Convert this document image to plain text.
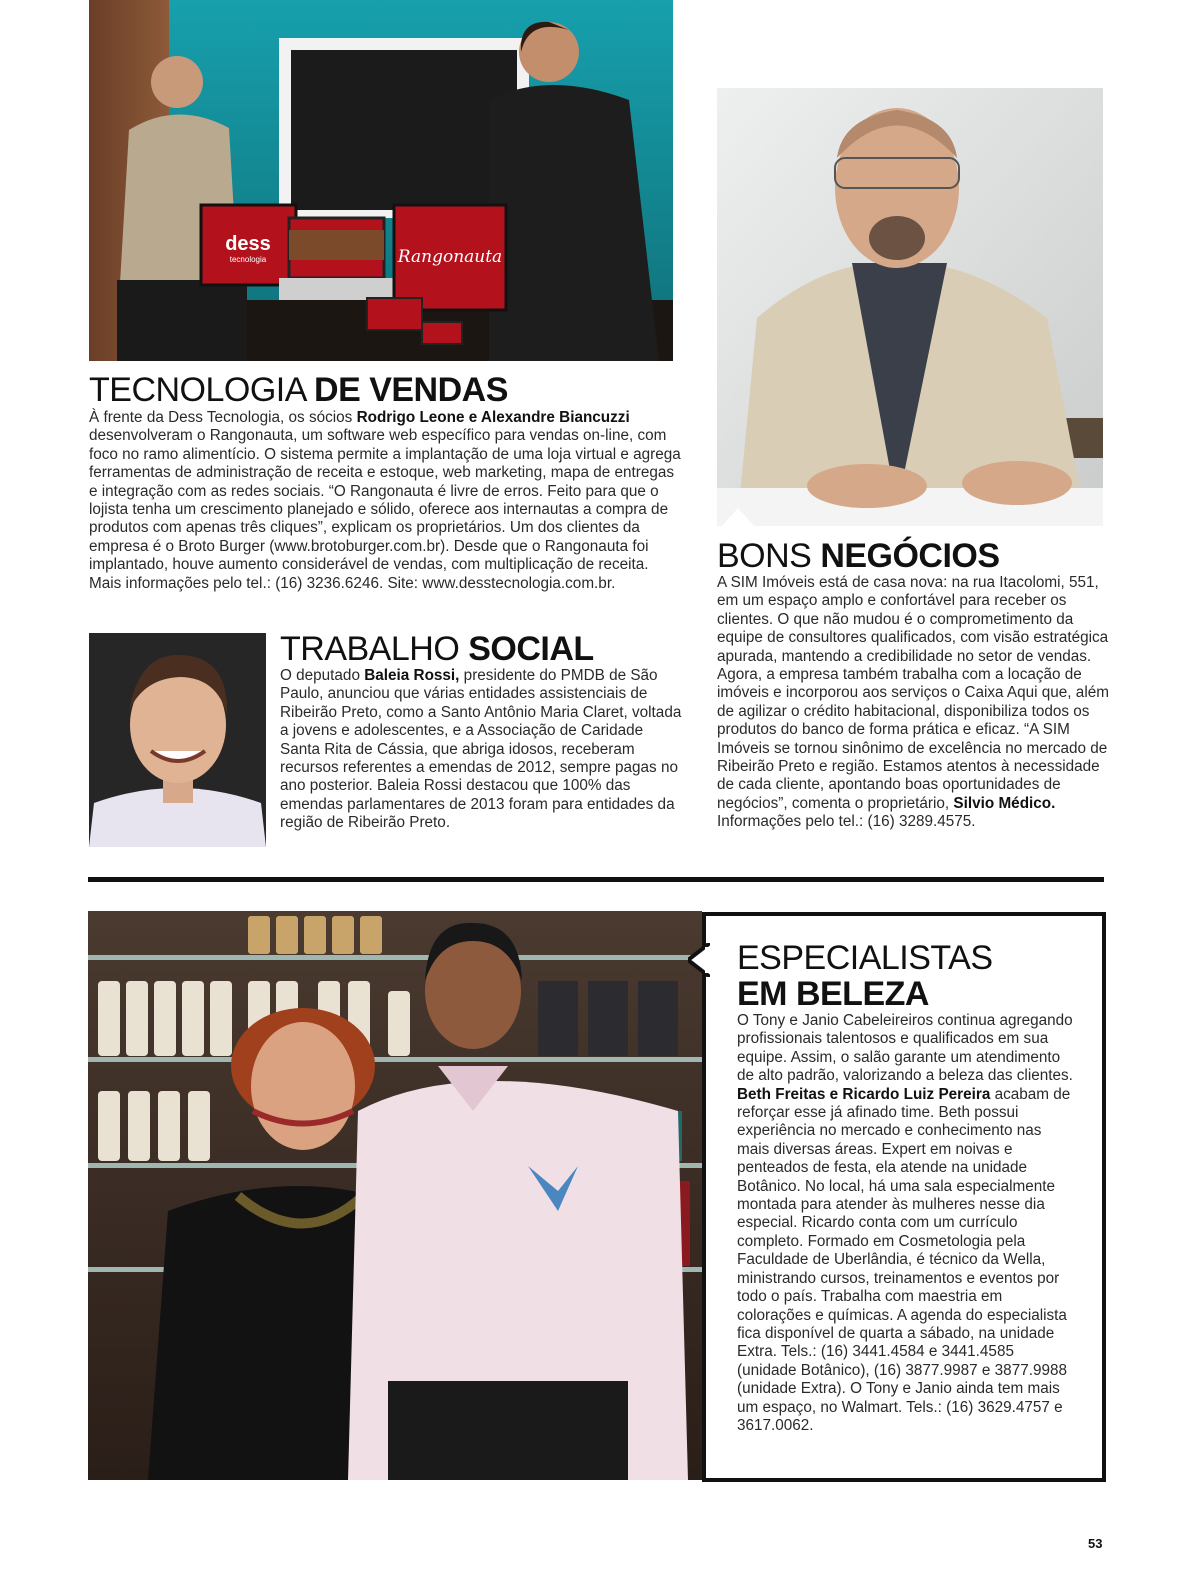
dess
tecnologia	Rangonauta
TECNOLOGIA DE VENDAS
À frente da Dess Tecnologia, os sócios Rodrigo Leone e Alexandre Biancuzzi desenvolveram o Rangonauta, um software web específico para vendas on-line, com foco no ramo alimentício. O sistema permite a implantação de uma loja virtual e agrega ferramentas de administração de receita e estoque, web marketing, mapa de entregas e integração com as redes sociais. “O Rangonauta é livre de erros. Feito para que o lojista tenha um crescimento planejado e sólido, oferece aos internautas a compra de produtos com apenas três cliques”, explicam os proprietários. Um dos clientes da empresa é o Broto Burger (www.brotoburger.com.br). Desde que o Rangonauta foi implantado, houve aumento considerável de vendas, com multiplicação de receita. Mais informações pelo tel.: (16) 3236.6246. Site: www.desstecnologia.com.br.
BONS NEGÓCIOS
A SIM Imóveis está de casa nova: na rua Itacolomi, 551, em um espaço amplo e confortável para receber os clientes. O que não mudou é o comprometimento da equipe de consultores qualificados, com visão estratégica apurada, mantendo a credibilidade no setor de vendas. Agora, a empresa também trabalha com a locação de imóveis e incorporou aos serviços o Caixa Aqui que, além de agilizar o crédito habitacional, disponibiliza todos os produtos do banco de forma prática e eficaz. “A SIM Imóveis se tornou sinônimo de excelência no mercado de Ribeirão Preto e região. Estamos atentos à necessidade de cada cliente, apontando boas oportunidades de negócios”, comenta o proprietário, Silvio Médico. Informações pelo tel.: (16) 3289.4575.
TRABALHO SOCIAL
O deputado Baleia Rossi, presidente do PMDB de São Paulo, anunciou que várias entidades assistenciais de Ribeirão Preto, como a Santo Antônio Maria Claret, voltada a jovens e adolescentes, e a Associação de Caridade Santa Rita de Cássia, que abriga idosos, receberam recursos referentes a emendas de 2012, sempre pagas no ano posterior. Baleia Rossi destacou que 100% das emendas parlamentares de 2013 foram para entidades da região de Ribeirão Preto.
ESPECIALISTAS
EM BELEZA
O Tony e Janio Cabeleireiros continua agregando profissionais talentosos e qualificados em sua equipe. Assim, o salão garante um atendimento de alto padrão, valorizando a beleza das clientes. Beth Freitas e Ricardo Luiz Pereira acabam de reforçar esse já afinado time. Beth possui experiência no mercado e conhecimento nas mais diversas áreas. Expert em noivas e penteados de festa, ela atende na unidade Botânico. No local, há uma sala especialmente montada para atender às mulheres nesse dia especial. Ricardo conta com um currículo completo. Formado em Cosmetologia pela Faculdade de Uberlândia, é técnico da Wella, ministrando cursos, treinamentos e eventos por todo o país. Trabalha com maestria em colorações e químicas. A agenda do especialista fica disponível de quarta a sábado, na unidade Extra. Tels.: (16) 3441.4584 e 3441.4585 (unidade Botânico), (16) 3877.9987 e 3877.9988 (unidade Extra). O Tony e Janio ainda tem mais um espaço, no Walmart. Tels.: (16) 3629.4757 e 3617.0062.
53
